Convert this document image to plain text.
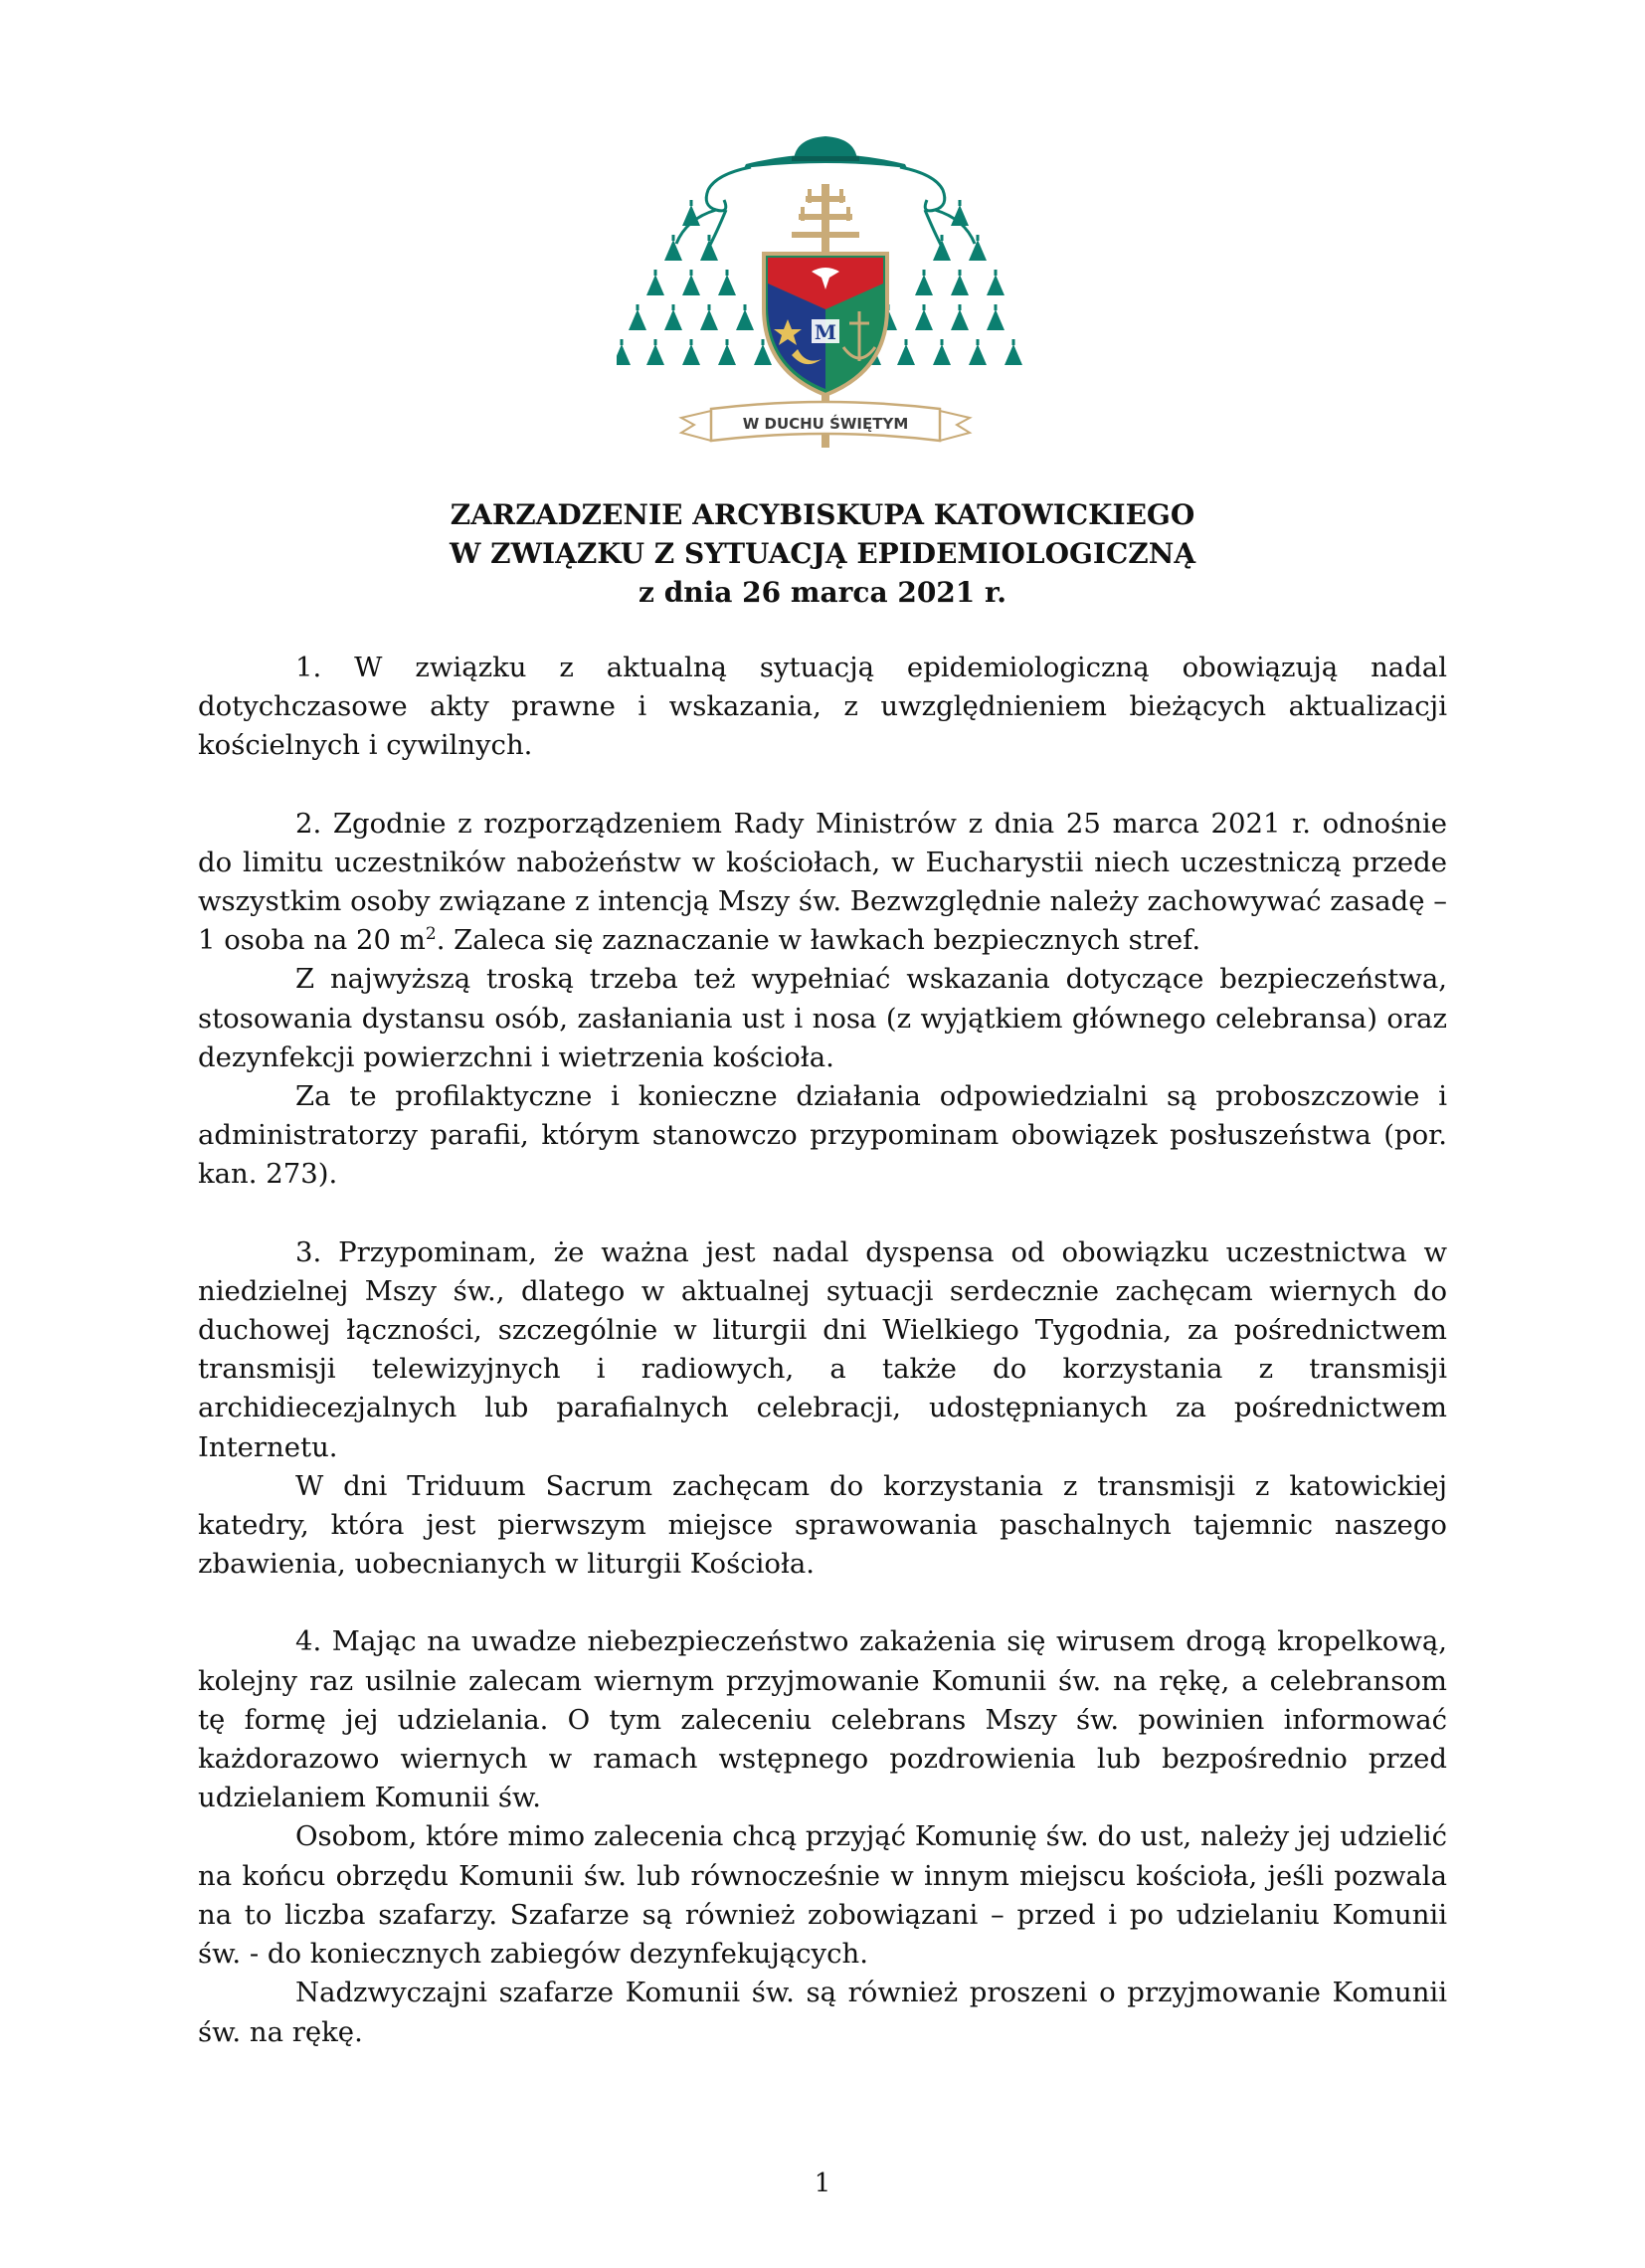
M
W DUCHU ŚWIĘTYM
ZARZADZENIE ARCYBISKUPA KATOWICKIEGO
W ZWIĄZKU Z SYTUACJĄ EPIDEMIOLOGICZNĄ
z dnia 26 marca 2021 r.

1. W związku z aktualną sytuacją epidemiologiczną obowiązują nadal dotychczasowe akty prawne i wskazania, z uwzględnieniem bieżących aktualizacji kościelnych i cywilnych.

2. Zgodnie z rozporządzeniem Rady Ministrów z dnia 25 marca 2021 r. odnośnie do limitu uczestników nabożeństw w kościołach, w Eucharystii niech uczestniczą przede wszystkim osoby związane z intencją Mszy św. Bezwzględnie należy zachowywać zasadę – 1 osoba na 20 $m^2$. Zaleca się zaznaczanie w ławkach bezpiecznych stref.

Z najwyższą troską trzeba też wypełniać wskazania dotyczące bezpieczeństwa, stosowania dystansu osób, zasłaniania ust i nosa (z wyjątkiem głównego celebransa) oraz dezynfekcji powierzchni i wietrzenia kościoła.

Za te profilaktyczne i konieczne działania odpowiedzialni są proboszczowie i administratorzy parafii, którym stanowczo przypominam obowiązek posłuszeństwa (por. kan. 273).

3. Przypominam, że ważna jest nadal dyspensa od obowiązku uczestnictwa w niedzielnej Mszy św., dlatego w aktualnej sytuacji serdecznie zachęcam wiernych do duchowej łączności, szczególnie w liturgii dni Wielkiego Tygodnia, za pośrednictwem transmisji telewizyjnych i radiowych, a także do korzystania z transmisji archidiecezjalnych lub parafialnych celebracji, udostępnianych za pośrednictwem Internetu.

W dni Triduum Sacrum zachęcam do korzystania z transmisji z katowickiej katedry, która jest pierwszym miejsce sprawowania paschalnych tajemnic naszego zbawienia, uobecnianych w liturgii Kościoła.

4. Mając na uwadze niebezpieczeństwo zakażenia się wirusem drogą kropelkową, kolejny raz usilnie zalecam wiernym przyjmowanie Komunii św. na rękę, a celebransom tę formę jej udzielania. O tym zaleceniu celebrans Mszy św. powinien informować każdorazowo wiernych w ramach wstępnego pozdrowienia lub bezpośrednio przed udzielaniem Komunii św.

Osobom, które mimo zalecenia chcą przyjąć Komunię św. do ust, należy jej udzielić na końcu obrzędu Komunii św. lub równocześnie w innym miejscu kościoła, jeśli pozwala na to liczba szafarzy. Szafarze są również zobowiązani – przed i po udzielaniu Komunii św. - do koniecznych zabiegów dezynfekujących.

Nadzwyczajni szafarze Komunii św. są również proszeni o przyjmowanie Komunii św. na rękę.

1
